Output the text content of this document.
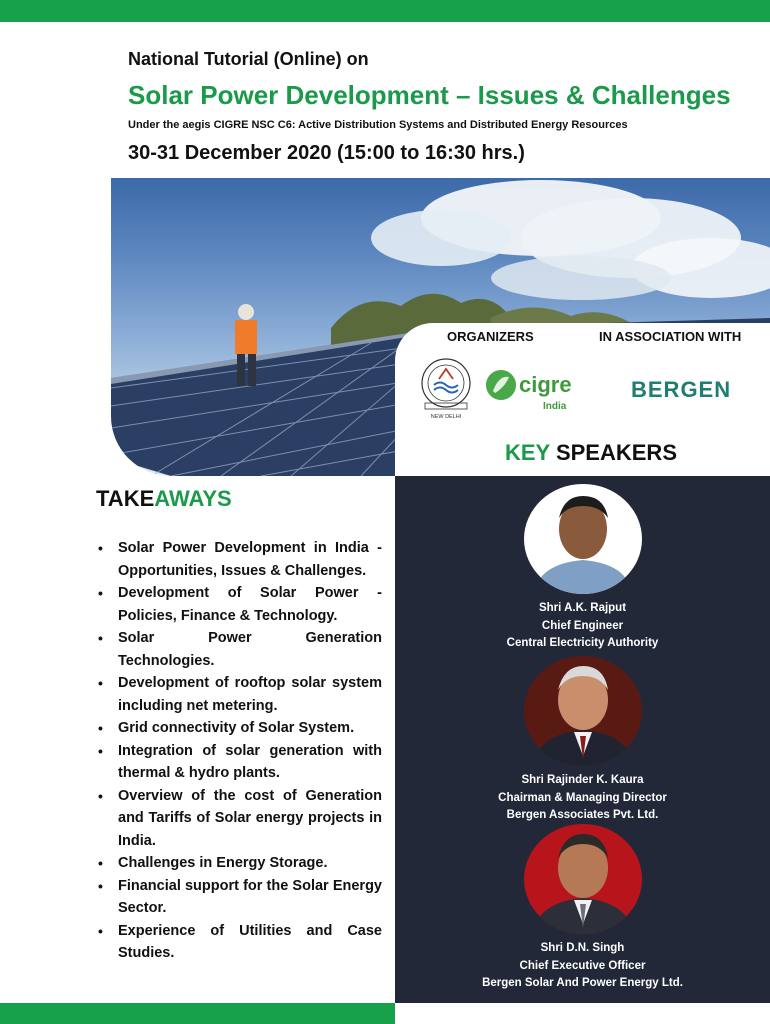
National Tutorial (Online) on
Solar Power Development – Issues & Challenges
Under the aegis CIGRE NSC C6: Active Distribution Systems and Distributed Energy Resources
30-31 December 2020 (15:00 to 16:30 hrs.)
ORGANIZERS	IN ASSOCIATION WITH
NEW DELHI
cigre
India
BERGEN
KEY SPEAKERS
Shri A.K. Rajput
Chief Engineer
Central Electricity Authority
Shri Rajinder K. Kaura
Chairman & Managing Director
Bergen Associates Pvt. Ltd.
Shri D.N. Singh
Chief Executive Officer
Bergen Solar And Power Energy Ltd.
TAKEAWAYS
• Solar Power Development in India - Opportunities, Issues & Challenges.
• Development of Solar Power - Policies, Finance & Technology.
• Solar Power Generation Technologies.
• Development of rooftop solar system including net metering.
• Grid connectivity of Solar System.
• Integration of solar generation with thermal & hydro plants.
• Overview of the cost of Generation and Tariffs of Solar energy projects in India.
• Challenges in Energy Storage.
• Financial support for the Solar Energy Sector.
• Experience of Utilities and Case Studies.
